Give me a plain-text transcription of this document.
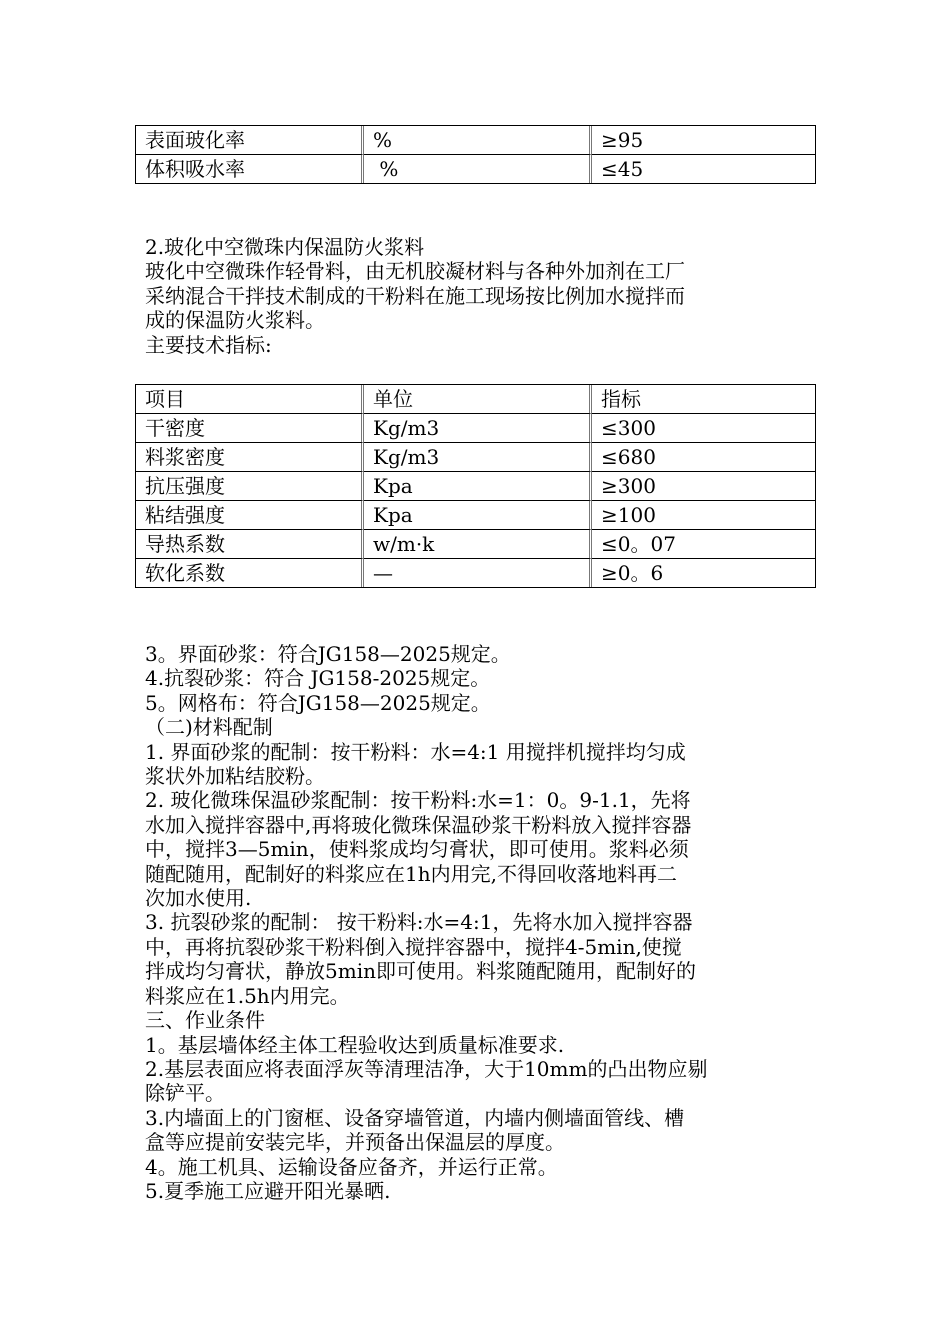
表面玻化率	%	≥95
体积吸水率	%	≤45

2.玻化中空微珠内保温防火浆料

玻化中空微珠作轻骨料，由无机胶凝材料与各种外加剂在工厂

采纳混合干拌技术制成的干粉料在施工现场按比例加水搅拌而

成的保温防火浆料。

主要技术指标:

项目	单位	指标
干密度	Kg/m3	≤300
料浆密度	Kg/m3	≤680
抗压强度	Kpa	≥300
粘结强度	Kpa	≥100
导热系数	w/m·k	≤0。07
软化系数	—	≥0。6

3。界面砂浆：符合JG158—2025规定。

4.抗裂砂浆：符合 JG158-2025规定。

5。网格布：符合JG158—2025规定。

（二)材料配制

1. 界面砂浆的配制：按干粉料：水=4:1 用搅拌机搅拌均匀成

浆状外加粘结胶粉。

2. 玻化微珠保温砂浆配制：按干粉料:水=1：0。9-1.1，先将

水加入搅拌容器中,再将玻化微珠保温砂浆干粉料放入搅拌容器

中，搅拌3—5min，使料浆成均匀膏状，即可使用。浆料必须

随配随用，配制好的料浆应在1h内用完,不得回收落地料再二

次加水使用.

3. 抗裂砂浆的配制： 按干粉料:水=4:1，先将水加入搅拌容器

中，再将抗裂砂浆干粉料倒入搅拌容器中，搅拌4-5min,使搅

拌成均匀膏状，静放5min即可使用。料浆随配随用，配制好的

料浆应在1.5h内用完。

三、作业条件

1。基层墙体经主体工程验收达到质量标准要求.

2.基层表面应将表面浮灰等清理洁净，大于10mm的凸出物应剔

除铲平。

3.内墙面上的门窗框、设备穿墙管道，内墙内侧墙面管线、槽

盒等应提前安装完毕，并预备出保温层的厚度。

4。施工机具、运输设备应备齐，并运行正常。

5.夏季施工应避开阳光暴晒.
